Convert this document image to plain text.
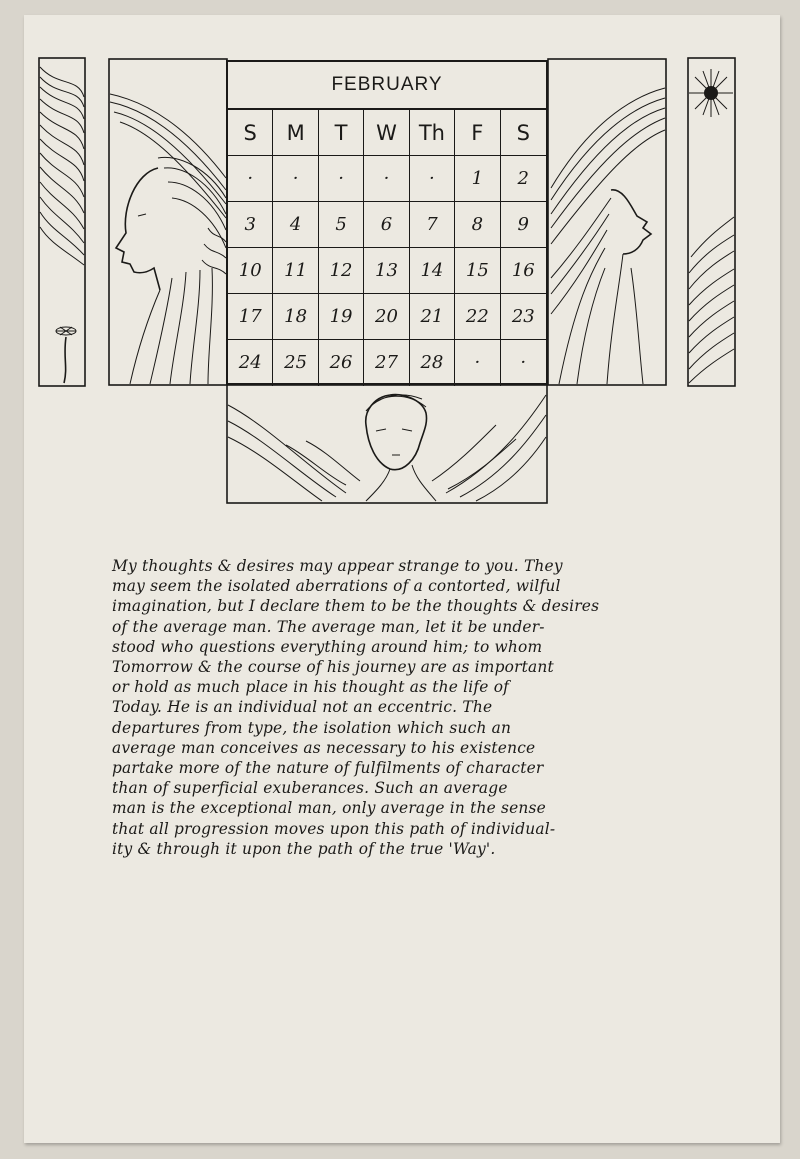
FEBRUARY
S	M	T	W	Th	F	S
·	·	·	·	·	1	2
3	4	5	6	7	8	9
10	11	12	13	14	15	16
17	18	19	20	21	22	23
24	25	26	27	28	·	·
My thoughts & desires may appear strange to you. They
may seem the isolated aberrations of a contorted, wilful
imagination, but I declare them to be the thoughts & desires
of the average man. The average man, let it be under-
stood who questions everything around him; to whom
Tomorrow & the course of his journey are as important
or hold as much place in his thought as the life of
Today. He is an individual not an eccentric. The
departures from type, the isolation which such an
average man conceives as necessary to his existence
partake more of the nature of fulfilments of character
than of superficial exuberances. Such an average
man is the exceptional man, only average in the sense
that all progression moves upon this path of individual-
ity & through it upon the path of the true 'Way'.
